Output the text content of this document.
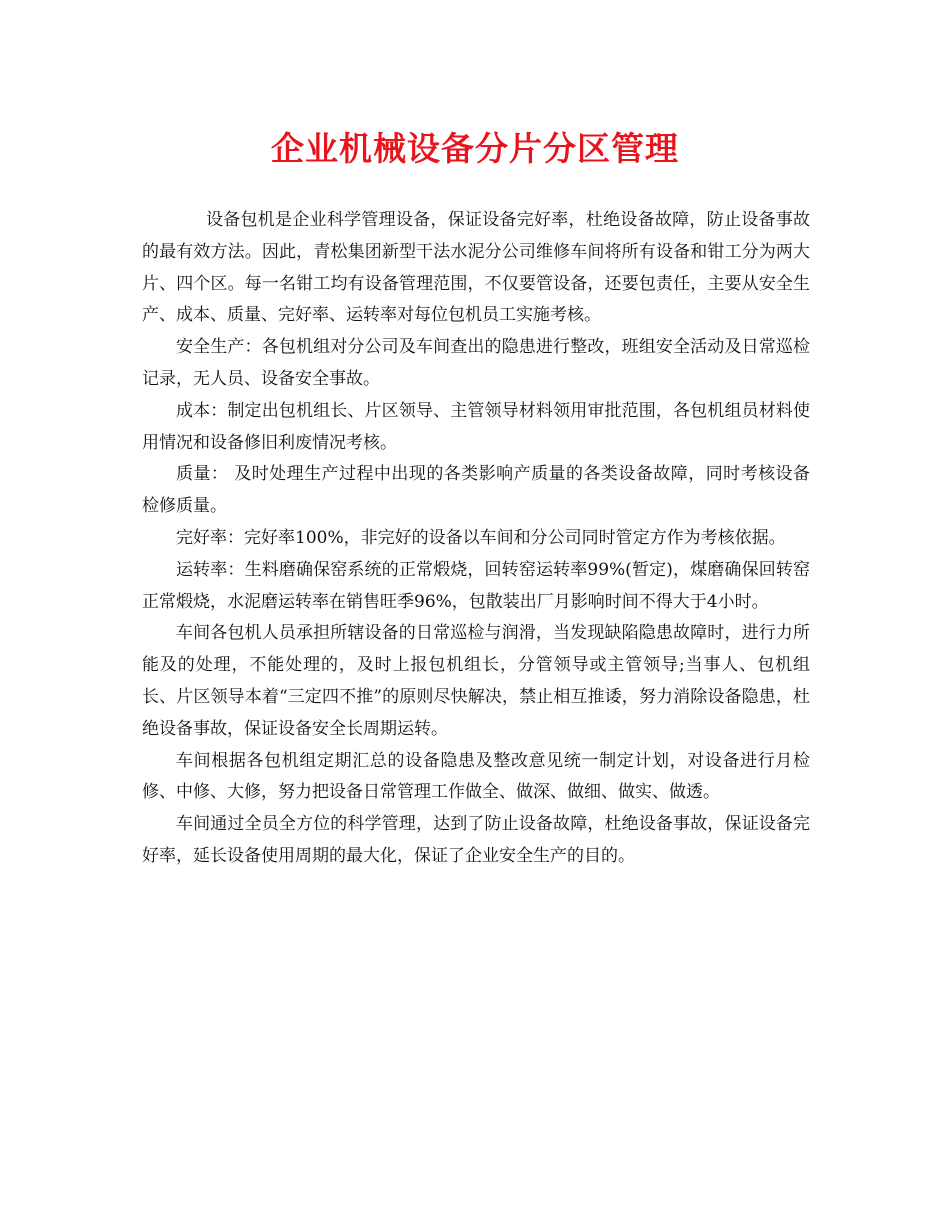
企业机械设备分片分区管理

设备包机是企业科学管理设备，保证设备完好率，杜绝设备故障，防止设备事故的最有效方法。因此，青松集团新型干法水泥分公司维修车间将所有设备和钳工分为两大片、四个区。每一名钳工均有设备管理范围，不仅要管设备，还要包责任，主要从安全生产、成本、质量、完好率、运转率对每位包机员工实施考核。

安全生产：各包机组对分公司及车间查出的隐患进行整改，班组安全活动及日常巡检记录，无人员、设备安全事故。

成本：制定出包机组长、片区领导、主管领导材料领用审批范围，各包机组员材料使用情况和设备修旧利废情况考核。

质量： 及时处理生产过程中出现的各类影响产质量的各类设备故障，同时考核设备检修质量。

完好率：完好率100%，非完好的设备以车间和分公司同时管定方作为考核依据。

运转率：生料磨确保窑系统的正常煅烧，回转窑运转率99%(暂定)，煤磨确保回转窑正常煅烧，水泥磨运转率在销售旺季96%，包散装出厂月影响时间不得大于4小时。

车间各包机人员承担所辖设备的日常巡检与润滑，当发现缺陷隐患故障时，进行力所能及的处理，不能处理的，及时上报包机组长，分管领导或主管领导;当事人、包机组长、片区领导本着“三定四不推”的原则尽快解决，禁止相互推诿，努力消除设备隐患，杜绝设备事故，保证设备安全长周期运转。

车间根据各包机组定期汇总的设备隐患及整改意见统一制定计划，对设备进行月检修、中修、大修，努力把设备日常管理工作做全、做深、做细、做实、做透。

车间通过全员全方位的科学管理，达到了防止设备故障，杜绝设备事故，保证设备完好率，延长设备使用周期的最大化，保证了企业安全生产的目的。
